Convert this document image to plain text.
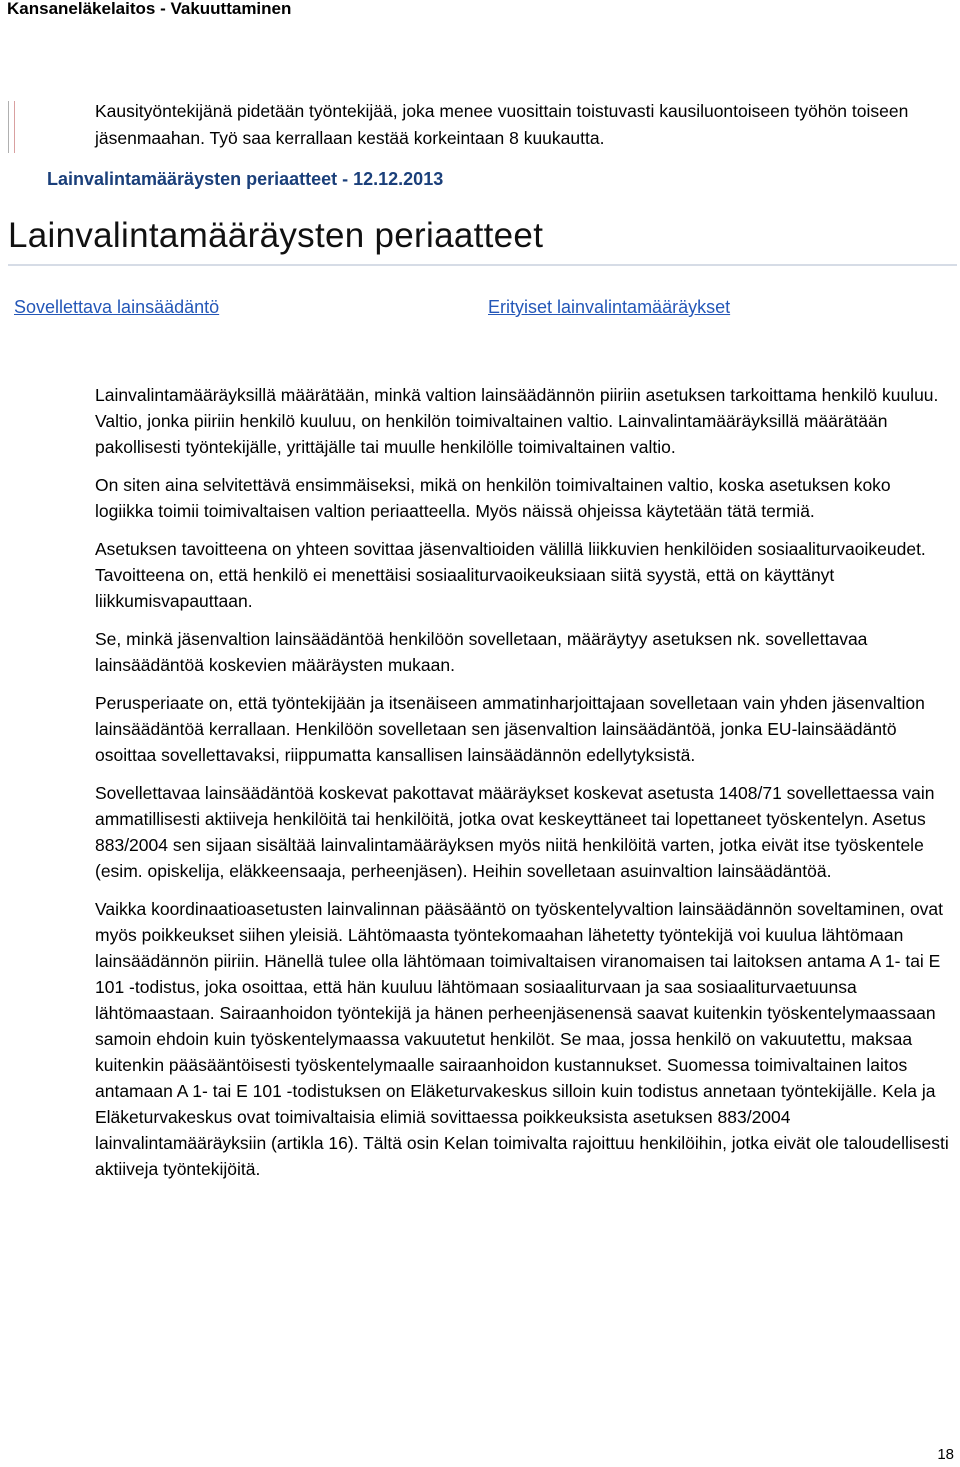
Kansaneläkelaitos - Vakuuttaminen
Kausityöntekijänä pidetään työntekijää, joka menee vuosittain toistuvasti kausiluontoiseen työhön toiseen jäsenmaahan. Työ saa kerrallaan kestää korkeintaan 8 kuukautta.
Lainvalintamääräysten periaatteet - 12.12.2013
Lainvalintamääräysten periaatteet
Sovellettava lainsäädäntö	Erityiset lainvalintamääräykset

Lainvalintamääräyksillä määrätään, minkä valtion lainsäädännön piiriin asetuksen tarkoittama henkilö kuuluu. Valtio, jonka piiriin henkilö kuuluu, on henkilön toimivaltainen valtio. Lainvalintamääräyksillä määrätään pakollisesti työntekijälle, yrittäjälle tai muulle henkilölle toimivaltainen valtio.

On siten aina selvitettävä ensimmäiseksi, mikä on henkilön toimivaltainen valtio, koska asetuksen koko logiikka toimii toimivaltaisen valtion periaatteella. Myös näissä ohjeissa käytetään tätä termiä.

Asetuksen tavoitteena on yhteen sovittaa jäsenvaltioiden välillä liikkuvien henkilöiden sosiaaliturvaoikeudet. Tavoitteena on, että henkilö ei menettäisi sosiaaliturvaoikeuksiaan siitä syystä, että on käyttänyt liikkumisvapauttaan.

Se, minkä jäsenvaltion lainsäädäntöä henkilöön sovelletaan, määräytyy asetuksen nk. sovellettavaa lainsäädäntöä koskevien määräysten mukaan.

Perusperiaate on, että työntekijään ja itsenäiseen ammatinharjoittajaan sovelletaan vain yhden jäsenvaltion lainsäädäntöä kerrallaan. Henkilöön sovelletaan sen jäsenvaltion lainsäädäntöä, jonka EU-lainsäädäntö osoittaa sovellettavaksi, riippumatta kansallisen lainsäädännön edellytyksistä.

Sovellettavaa lainsäädäntöä koskevat pakottavat määräykset koskevat asetusta 1408/71 sovellettaessa vain ammatillisesti aktiiveja henkilöitä tai henkilöitä, jotka ovat keskeyttäneet tai lopettaneet työskentelyn. Asetus 883/2004 sen sijaan sisältää lainvalintamääräyksen myös niitä henkilöitä varten, jotka eivät itse työskentele (esim. opiskelija, eläkkeensaaja, perheenjäsen). Heihin sovelletaan asuinvaltion lainsäädäntöä.

Vaikka koordinaatioasetusten lainvalinnan pääsääntö on työskentelyvaltion lainsäädännön soveltaminen, ovat myös poikkeukset siihen yleisiä. Lähtömaasta työntekomaahan lähetetty työntekijä voi kuulua lähtömaan lainsäädännön piiriin. Hänellä tulee olla lähtömaan toimivaltaisen viranomaisen tai laitoksen antama A 1- tai E 101 -todistus, joka osoittaa, että hän kuuluu lähtömaan sosiaaliturvaan ja saa sosiaaliturvaetuunsa lähtömaastaan. Sairaanhoidon työntekijä ja hänen perheenjäsenensä saavat kuitenkin työskentelymaassaan samoin ehdoin kuin työskentelymaassa vakuutetut henkilöt. Se maa, jossa henkilö on vakuutettu, maksaa kuitenkin pääsääntöisesti työskentelymaalle sairaanhoidon kustannukset. Suomessa toimivaltainen laitos antamaan A 1- tai E 101 -todistuksen on Eläketurvakeskus silloin kuin todistus annetaan työntekijälle. Kela ja Eläketurvakeskus ovat toimivaltaisia elimiä sovittaessa poikkeuksista asetuksen 883/2004 lainvalintamääräyksiin (artikla 16). Tältä osin Kelan toimivalta rajoittuu henkilöihin, jotka eivät ole taloudellisesti aktiiveja työntekijöitä.

18
